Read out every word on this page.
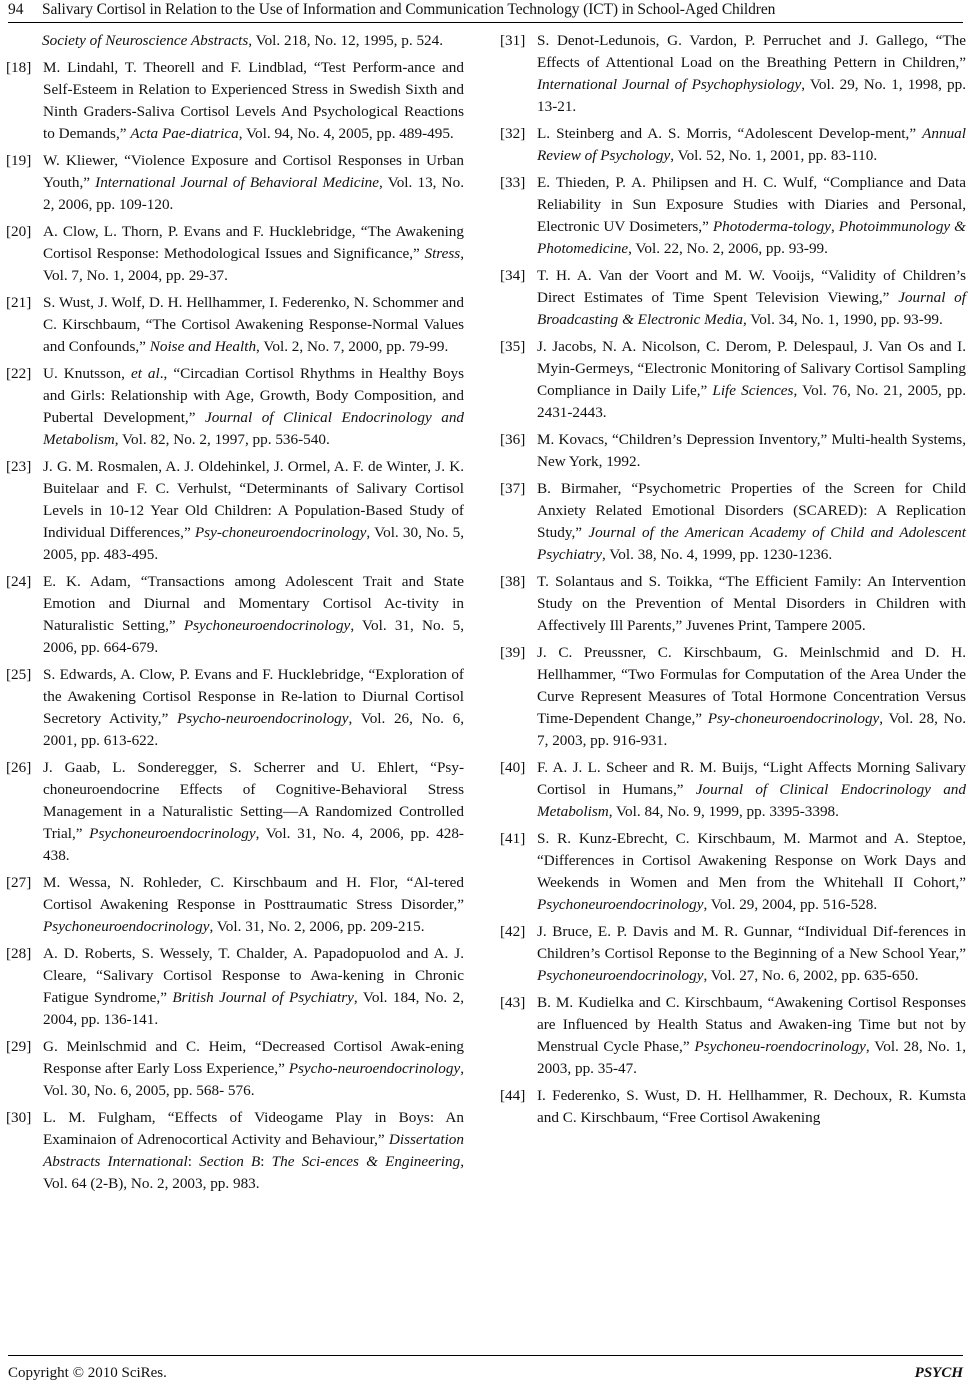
94 Salivary Cortisol in Relation to the Use of Information and Communication Technology (ICT) in School-Aged Children
Society of Neuroscience Abstracts, Vol. 218, No. 12, 1995, p. 524.
[18] M. Lindahl, T. Theorell and F. Lindblad, “Test Perform-ance and Self-Esteem in Relation to Experienced Stress in Swedish Sixth and Ninth Graders-Saliva Cortisol Levels And Psychological Reactions to Demands,” Acta Pae-diatrica, Vol. 94, No. 4, 2005, pp. 489-495.
[19] W. Kliewer, “Violence Exposure and Cortisol Responses in Urban Youth,” International Journal of Behavioral Medicine, Vol. 13, No. 2, 2006, pp. 109-120.
[20] A. Clow, L. Thorn, P. Evans and F. Hucklebridge, “The Awakening Cortisol Response: Methodological Issues and Significance,” Stress, Vol. 7, No. 1, 2004, pp. 29-37.
[21] S. Wust, J. Wolf, D. H. Hellhammer, I. Federenko, N. Schommer and C. Kirschbaum, “The Cortisol Awakening Response-Normal Values and Confounds,” Noise and Health, Vol. 2, No. 7, 2000, pp. 79-99.
[22] U. Knutsson, et al., “Circadian Cortisol Rhythms in Healthy Boys and Girls: Relationship with Age, Growth, Body Composition, and Pubertal Development,” Journal of Clinical Endocrinology and Metabolism, Vol. 82, No. 2, 1997, pp. 536-540.
[23] J. G. M. Rosmalen, A. J. Oldehinkel, J. Ormel, A. F. de Winter, J. K. Buitelaar and F. C. Verhulst, “Determinants of Salivary Cortisol Levels in 10-12 Year Old Children: A Population-Based Study of Individual Differences,” Psy-choneuroendocrinology, Vol. 30, No. 5, 2005, pp. 483-495.
[24] E. K. Adam, “Transactions among Adolescent Trait and State Emotion and Diurnal and Momentary Cortisol Ac-tivity in Naturalistic Setting,” Psychoneuroendocrinology, Vol. 31, No. 5, 2006, pp. 664-679.
[25] S. Edwards, A. Clow, P. Evans and F. Hucklebridge, “Exploration of the Awakening Cortisol Response in Re-lation to Diurnal Cortisol Secretory Activity,” Psycho-neuroendocrinology, Vol. 26, No. 6, 2001, pp. 613-622.
[26] J. Gaab, L. Sonderegger, S. Scherrer and U. Ehlert, “Psy-choneuroendocrine Effects of Cognitive-Behavioral Stress Management in a Naturalistic Setting—A Randomized Controlled Trial,” Psychoneuroendocrinology, Vol. 31, No. 4, 2006, pp. 428-438.
[27] M. Wessa, N. Rohleder, C. Kirschbaum and H. Flor, “Al-tered Cortisol Awakening Response in Posttraumatic Stress Disorder,” Psychoneuroendocrinology, Vol. 31, No. 2, 2006, pp. 209-215.
[28] A. D. Roberts, S. Wessely, T. Chalder, A. Papadopuolod and A. J. Cleare, “Salivary Cortisol Response to Awa-kening in Chronic Fatigue Syndrome,” British Journal of Psychiatry, Vol. 184, No. 2, 2004, pp. 136-141.
[29] G. Meinlschmid and C. Heim, “Decreased Cortisol Awak-ening Response after Early Loss Experience,” Psycho-neuroendocrinology, Vol. 30, No. 6, 2005, pp. 568- 576.
[30] L. M. Fulgham, “Effects of Videogame Play in Boys: An Examinaion of Adrenocortical Activity and Behaviour,” Dissertation Abstracts International: Section B: The Sci-ences & Engineering, Vol. 64 (2-B), No. 2, 2003, pp. 983.
[31] S. Denot-Ledunois, G. Vardon, P. Perruchet and J. Gallego, “The Effects of Attentional Load on the Breathing Pettern in Children,” International Journal of Psychophysiology, Vol. 29, No. 1, 1998, pp. 13-21.
[32] L. Steinberg and A. S. Morris, “Adolescent Develop-ment,” Annual Review of Psychology, Vol. 52, No. 1, 2001, pp. 83-110.
[33] E. Thieden, P. A. Philipsen and H. C. Wulf, “Compliance and Data Reliability in Sun Exposure Studies with Diaries and Personal, Electronic UV Dosimeters,” Photoderma-tology, Photoimmunology & Photomedicine, Vol. 22, No. 2, 2006, pp. 93-99.
[34] T. H. A. Van der Voort and M. W. Vooijs, “Validity of Children’s Direct Estimates of Time Spent Television Viewing,” Journal of Broadcasting & Electronic Media, Vol. 34, No. 1, 1990, pp. 93-99.
[35] J. Jacobs, N. A. Nicolson, C. Derom, P. Delespaul, J. Van Os and I. Myin-Germeys, “Electronic Monitoring of Salivary Cortisol Sampling Compliance in Daily Life,” Life Sciences, Vol. 76, No. 21, 2005, pp. 2431-2443.
[36] M. Kovacs, “Children’s Depression Inventory,” Multi-health Systems, New York, 1992.
[37] B. Birmaher, “Psychometric Properties of the Screen for Child Anxiety Related Emotional Disorders (SCARED): A Replication Study,” Journal of the American Academy of Child and Adolescent Psychiatry, Vol. 38, No. 4, 1999, pp. 1230-1236.
[38] T. Solantaus and S. Toikka, “The Efficient Family: An Intervention Study on the Prevention of Mental Disorders in Children with Affectively Ill Parents,” Juvenes Print, Tampere 2005.
[39] J. C. Preussner, C. Kirschbaum, G. Meinlschmid and D. H. Hellhammer, “Two Formulas for Computation of the Area Under the Curve Represent Measures of Total Hormone Concentration Versus Time-Dependent Change,” Psy-choneuroendocrinology, Vol. 28, No. 7, 2003, pp. 916-931.
[40] F. A. J. L. Scheer and R. M. Buijs, “Light Affects Morning Salivary Cortisol in Humans,” Journal of Clinical Endocrinology and Metabolism, Vol. 84, No. 9, 1999, pp. 3395-3398.
[41] S. R. Kunz-Ebrecht, C. Kirschbaum, M. Marmot and A. Steptoe, “Differences in Cortisol Awakening Response on Work Days and Weekends in Women and Men from the Whitehall II Cohort,” Psychoneuroendocrinology, Vol. 29, 2004, pp. 516-528.
[42] J. Bruce, E. P. Davis and M. R. Gunnar, “Individual Dif-ferences in Children’s Cortisol Reponse to the Beginning of a New School Year,” Psychoneuroendocrinology, Vol. 27, No. 6, 2002, pp. 635-650.
[43] B. M. Kudielka and C. Kirschbaum, “Awakening Cortisol Responses are Influenced by Health Status and Awaken-ing Time but not by Menstrual Cycle Phase,” Psychoneu-roendocrinology, Vol. 28, No. 1, 2003, pp. 35-47.
[44] I. Federenko, S. Wust, D. H. Hellhammer, R. Dechoux, R. Kumsta and C. Kirschbaum, “Free Cortisol Awakening
Copyright © 2010 SciRes.	PSYCH
